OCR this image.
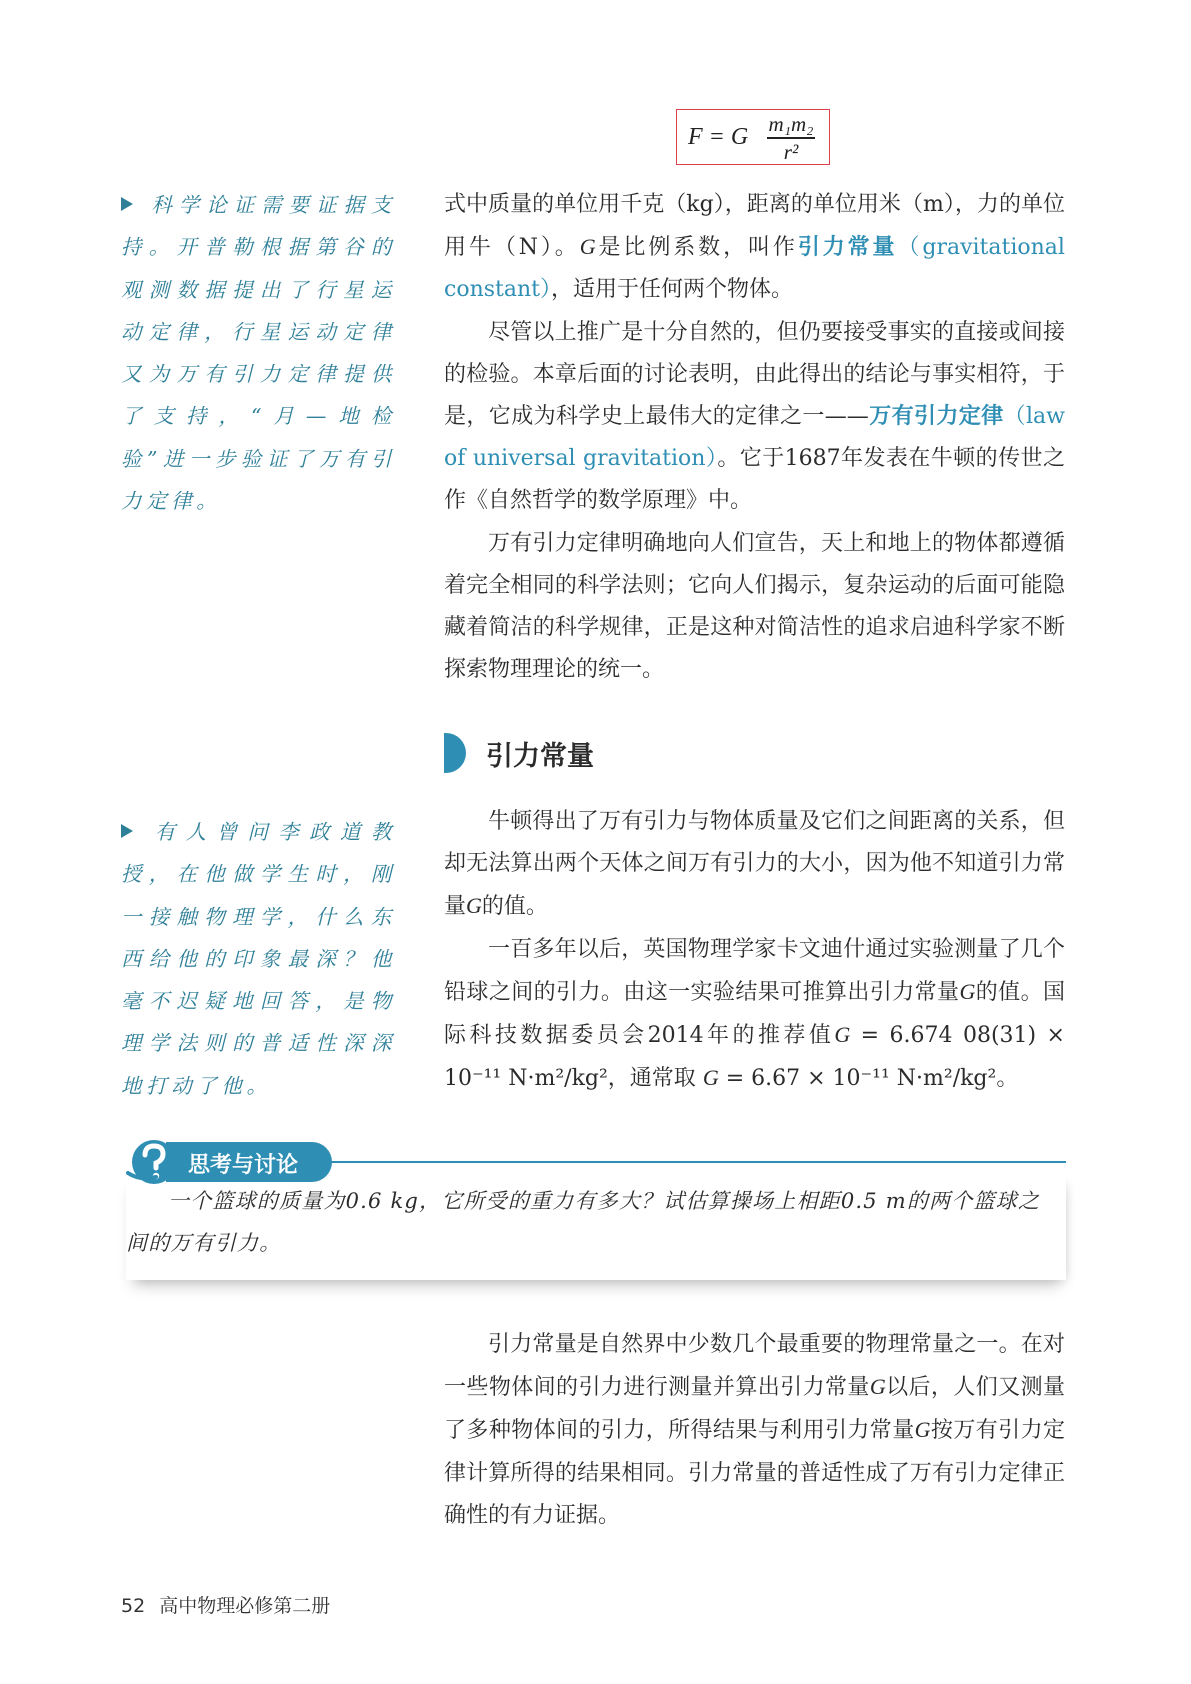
F = G m₁m₂
r²

科学论证需要证据支持。开普勒根据第谷的观测数据提出了行星运动定律，行星运动定律又为万有引力定律提供了支持，“月—地检验”进一步验证了万有引力定律。

式中质量的单位用千克（kg），距离的单位用米（m），力的单位用牛（N）。G是比例系数，叫作引力常量（gravitational constant），适用于任何两个物体。

尽管以上推广是十分自然的，但仍要接受事实的直接或间接的检验。本章后面的讨论表明，由此得出的结论与事实相符，于是，它成为科学史上最伟大的定律之一——万有引力定律（law of universal gravitation）。它于1687年发表在牛顿的传世之作《自然哲学的数学原理》中。

万有引力定律明确地向人们宣告，天上和地上的物体都遵循着完全相同的科学法则；它向人们揭示，复杂运动的后面可能隐藏着简洁的科学规律，正是这种对简洁性的追求启迪科学家不断探索物理理论的统一。

引力常量

有人曾问李政道教授，在他做学生时，刚一接触物理学，什么东西给他的印象最深？他毫不迟疑地回答，是物理学法则的普适性深深地打动了他。

牛顿得出了万有引力与物体质量及它们之间距离的关系，但却无法算出两个天体之间万有引力的大小，因为他不知道引力常量G的值。

一百多年以后，英国物理学家卡文迪什通过实验测量了几个铅球之间的引力。由这一实验结果可推算出引力常量G的值。国际科技数据委员会2014年的推荐值G = 6.674 08(31) × 10⁻¹¹ N·m²/kg²，通常取 G = 6.67 × 10⁻¹¹ N·m²/kg²。

思考与讨论
一个篮球的质量为0.6 kg，它所受的重力有多大？试估算操场上相距0.5 m的两个篮球之间的万有引力。

引力常量是自然界中少数几个最重要的物理常量之一。在对一些物体间的引力进行测量并算出引力常量G以后，人们又测量了多种物体间的引力，所得结果与利用引力常量G按万有引力定律计算所得的结果相同。引力常量的普适性成了万有引力定律正确性的有力证据。

52 高中物理必修第二册
